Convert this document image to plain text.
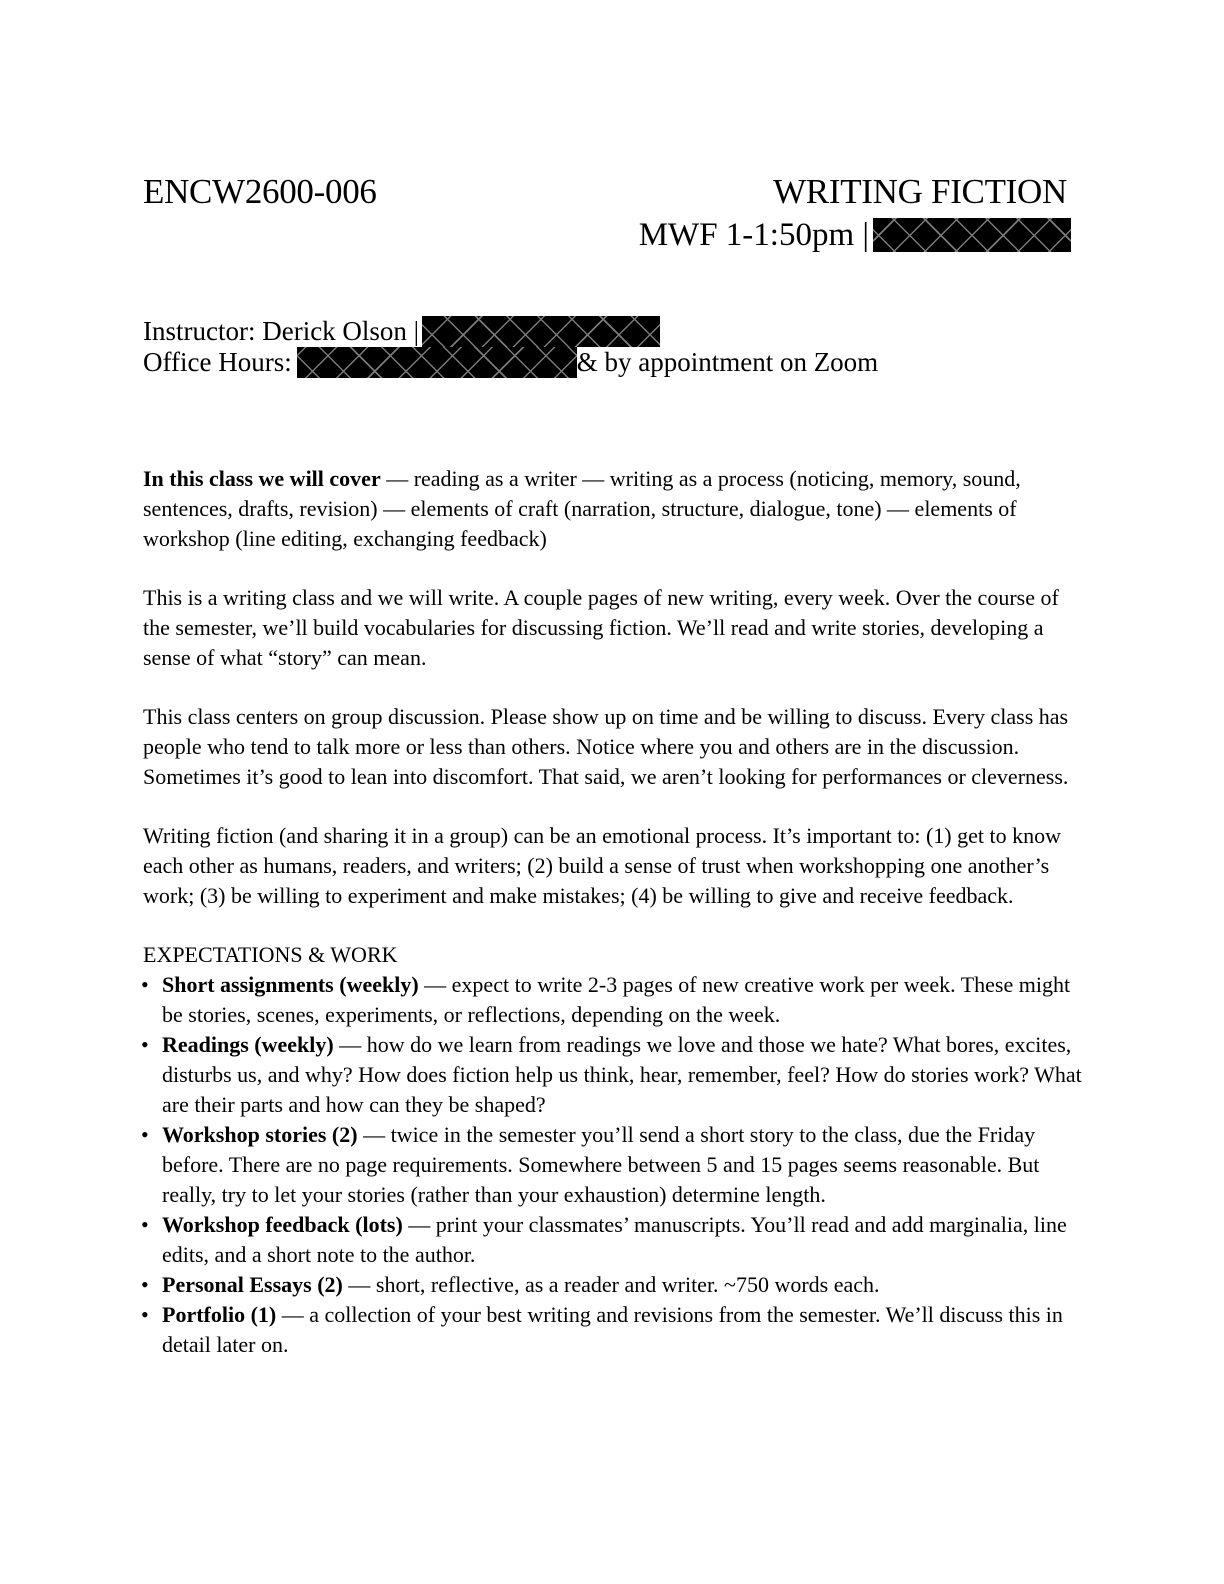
ENCW2600-006	WRITING FICTION
MWF 1-1:50pm |
Instructor: Derick Olson |
Office Hours:	& by appointment on Zoom

In this class we will cover — reading as a writer — writing as a process (noticing, memory, sound, sentences, drafts, revision) — elements of craft (narration, structure, dialogue, tone) — elements of workshop (line editing, exchanging feedback)

This is a writing class and we will write. A couple pages of new writing, every week. Over the course of the semester, we’ll build vocabularies for discussing fiction. We’ll read and write stories, developing a sense of what “story” can mean.

This class centers on group discussion. Please show up on time and be willing to discuss. Every class has people who tend to talk more or less than others. Notice where you and others are in the discussion. Sometimes it’s good to lean into discomfort. That said, we aren’t looking for performances or cleverness.

Writing fiction (and sharing it in a group) can be an emotional process. It’s important to: (1) get to know each other as humans, readers, and writers; (2) build a sense of trust when workshopping one another’s work; (3) be willing to experiment and make mistakes; (4) be willing to give and receive feedback.

EXPECTATIONS & WORK
• Short assignments (weekly) — expect to write 2-3 pages of new creative work per week. These might be stories, scenes, experiments, or reflections, depending on the week.
• Readings (weekly) — how do we learn from readings we love and those we hate? What bores, excites, disturbs us, and why? How does fiction help us think, hear, remember, feel? How do stories work? What are their parts and how can they be shaped?
• Workshop stories (2) — twice in the semester you’ll send a short story to the class, due the Friday before. There are no page requirements. Somewhere between 5 and 15 pages seems reasonable. But really, try to let your stories (rather than your exhaustion) determine length.
• Workshop feedback (lots) — print your classmates’ manuscripts. You’ll read and add marginalia, line edits, and a short note to the author.
• Personal Essays (2) — short, reflective, as a reader and writer. ~750 words each.
• Portfolio (1) — a collection of your best writing and revisions from the semester. We’ll discuss this in detail later on.
